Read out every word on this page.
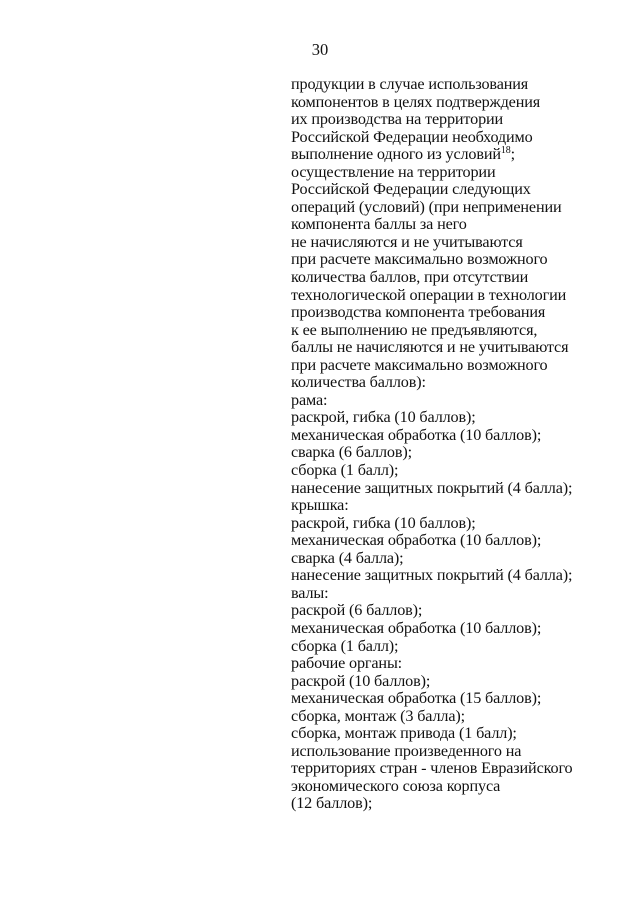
30
продукции в случае использования
компонентов в целях подтверждения
их производства на территории
Российской Федерации необходимо
выполнение одного из условий$^{18}$;
осуществление на территории
Российской Федерации следующих
операций (условий) (при неприменении
компонента баллы за него
не начисляются и не учитываются
при расчете максимально возможного
количества баллов, при отсутствии
технологической операции в технологии
производства компонента требования
к ее выполнению не предъявляются,
баллы не начисляются и не учитываются
при расчете максимально возможного
количества баллов):
рама:
раскрой, гибка (10 баллов);
механическая обработка (10 баллов);
сварка (6 баллов);
сборка (1 балл);
нанесение защитных покрытий (4 балла);
крышка:
раскрой, гибка (10 баллов);
механическая обработка (10 баллов);
сварка (4 балла);
нанесение защитных покрытий (4 балла);
валы:
раскрой (6 баллов);
механическая обработка (10 баллов);
сборка (1 балл);
рабочие органы:
раскрой (10 баллов);
механическая обработка (15 баллов);
сборка, монтаж (3 балла);
сборка, монтаж привода (1 балл);
использование произведенного на
территориях стран - членов Евразийского
экономического союза корпуса
(12 баллов);
